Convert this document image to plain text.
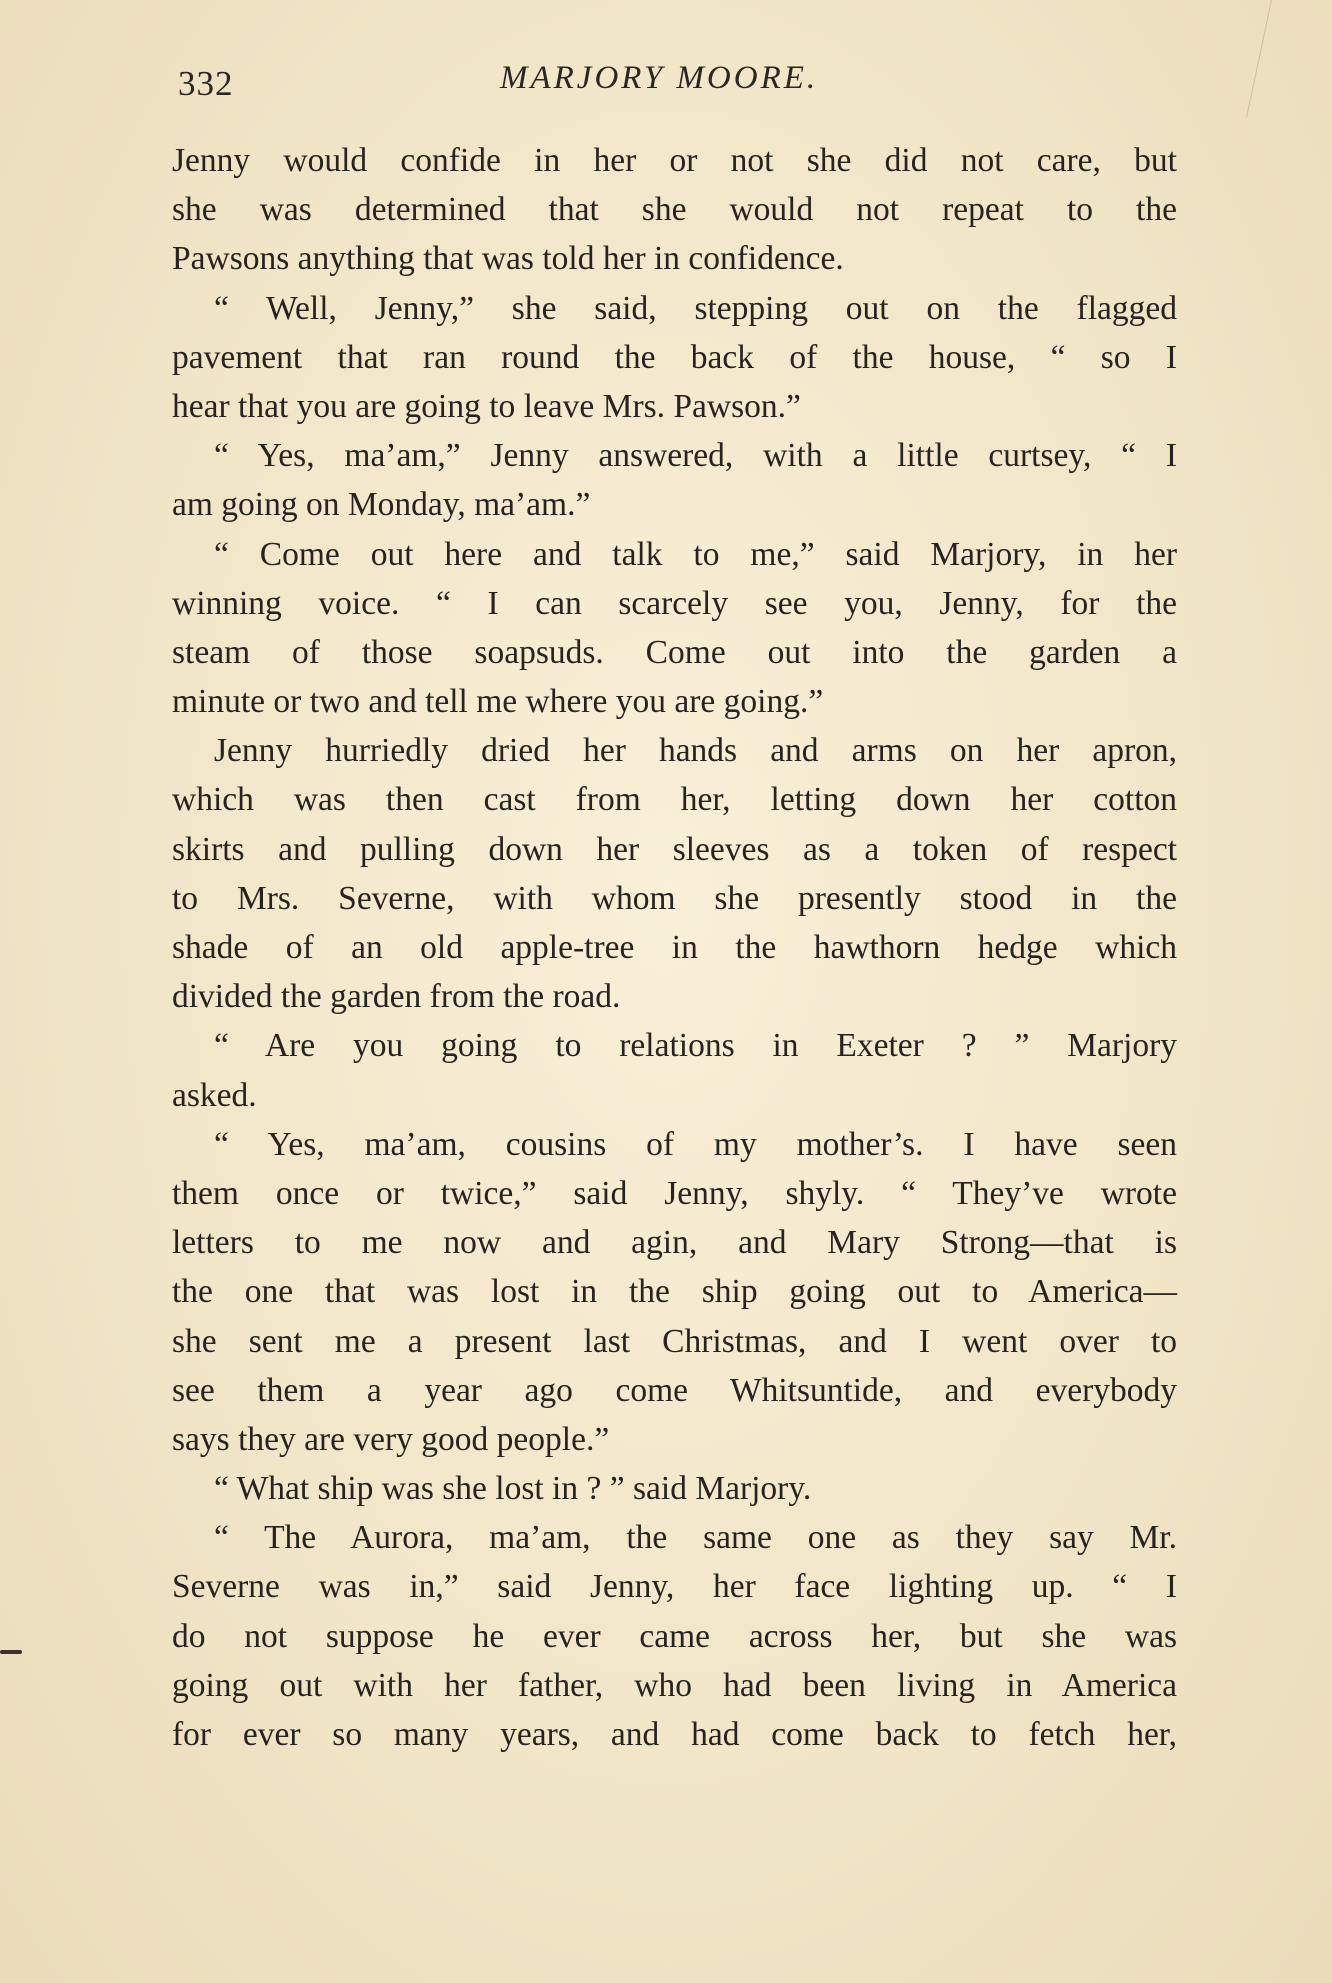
332	MARJORY MOORE.
Jenny would confide in her or not she did not care, but
she was determined that she would not repeat to the
Pawsons anything that was told her in confidence.
“ Well, Jenny,” she said, stepping out on the flagged
pavement that ran round the back of the house, “ so I
hear that you are going to leave Mrs. Pawson.”
“ Yes, ma’am,” Jenny answered, with a little curtsey, “ I
am going on Monday, ma’am.”
“ Come out here and talk to me,” said Marjory, in her
winning voice. “ I can scarcely see you, Jenny, for the
steam of those soapsuds. Come out into the garden a
minute or two and tell me where you are going.”
Jenny hurriedly dried her hands and arms on her apron,
which was then cast from her, letting down her cotton
skirts and pulling down her sleeves as a token of respect
to Mrs. Severne, with whom she presently stood in the
shade of an old apple-tree in the hawthorn hedge which
divided the garden from the road.
“ Are you going to relations in Exeter ? ” Marjory
asked.
“ Yes, ma’am, cousins of my mother’s. I have seen
them once or twice,” said Jenny, shyly. “ They’ve wrote
letters to me now and agin, and Mary Strong—that is
the one that was lost in the ship going out to America—
she sent me a present last Christmas, and I went over to
see them a year ago come Whitsuntide, and everybody
says they are very good people.”
“ What ship was she lost in ? ” said Marjory.
“ The Aurora, ma’am, the same one as they say Mr.
Severne was in,” said Jenny, her face lighting up. “ I
do not suppose he ever came across her, but she was
going out with her father, who had been living in America
for ever so many years, and had come back to fetch her,
